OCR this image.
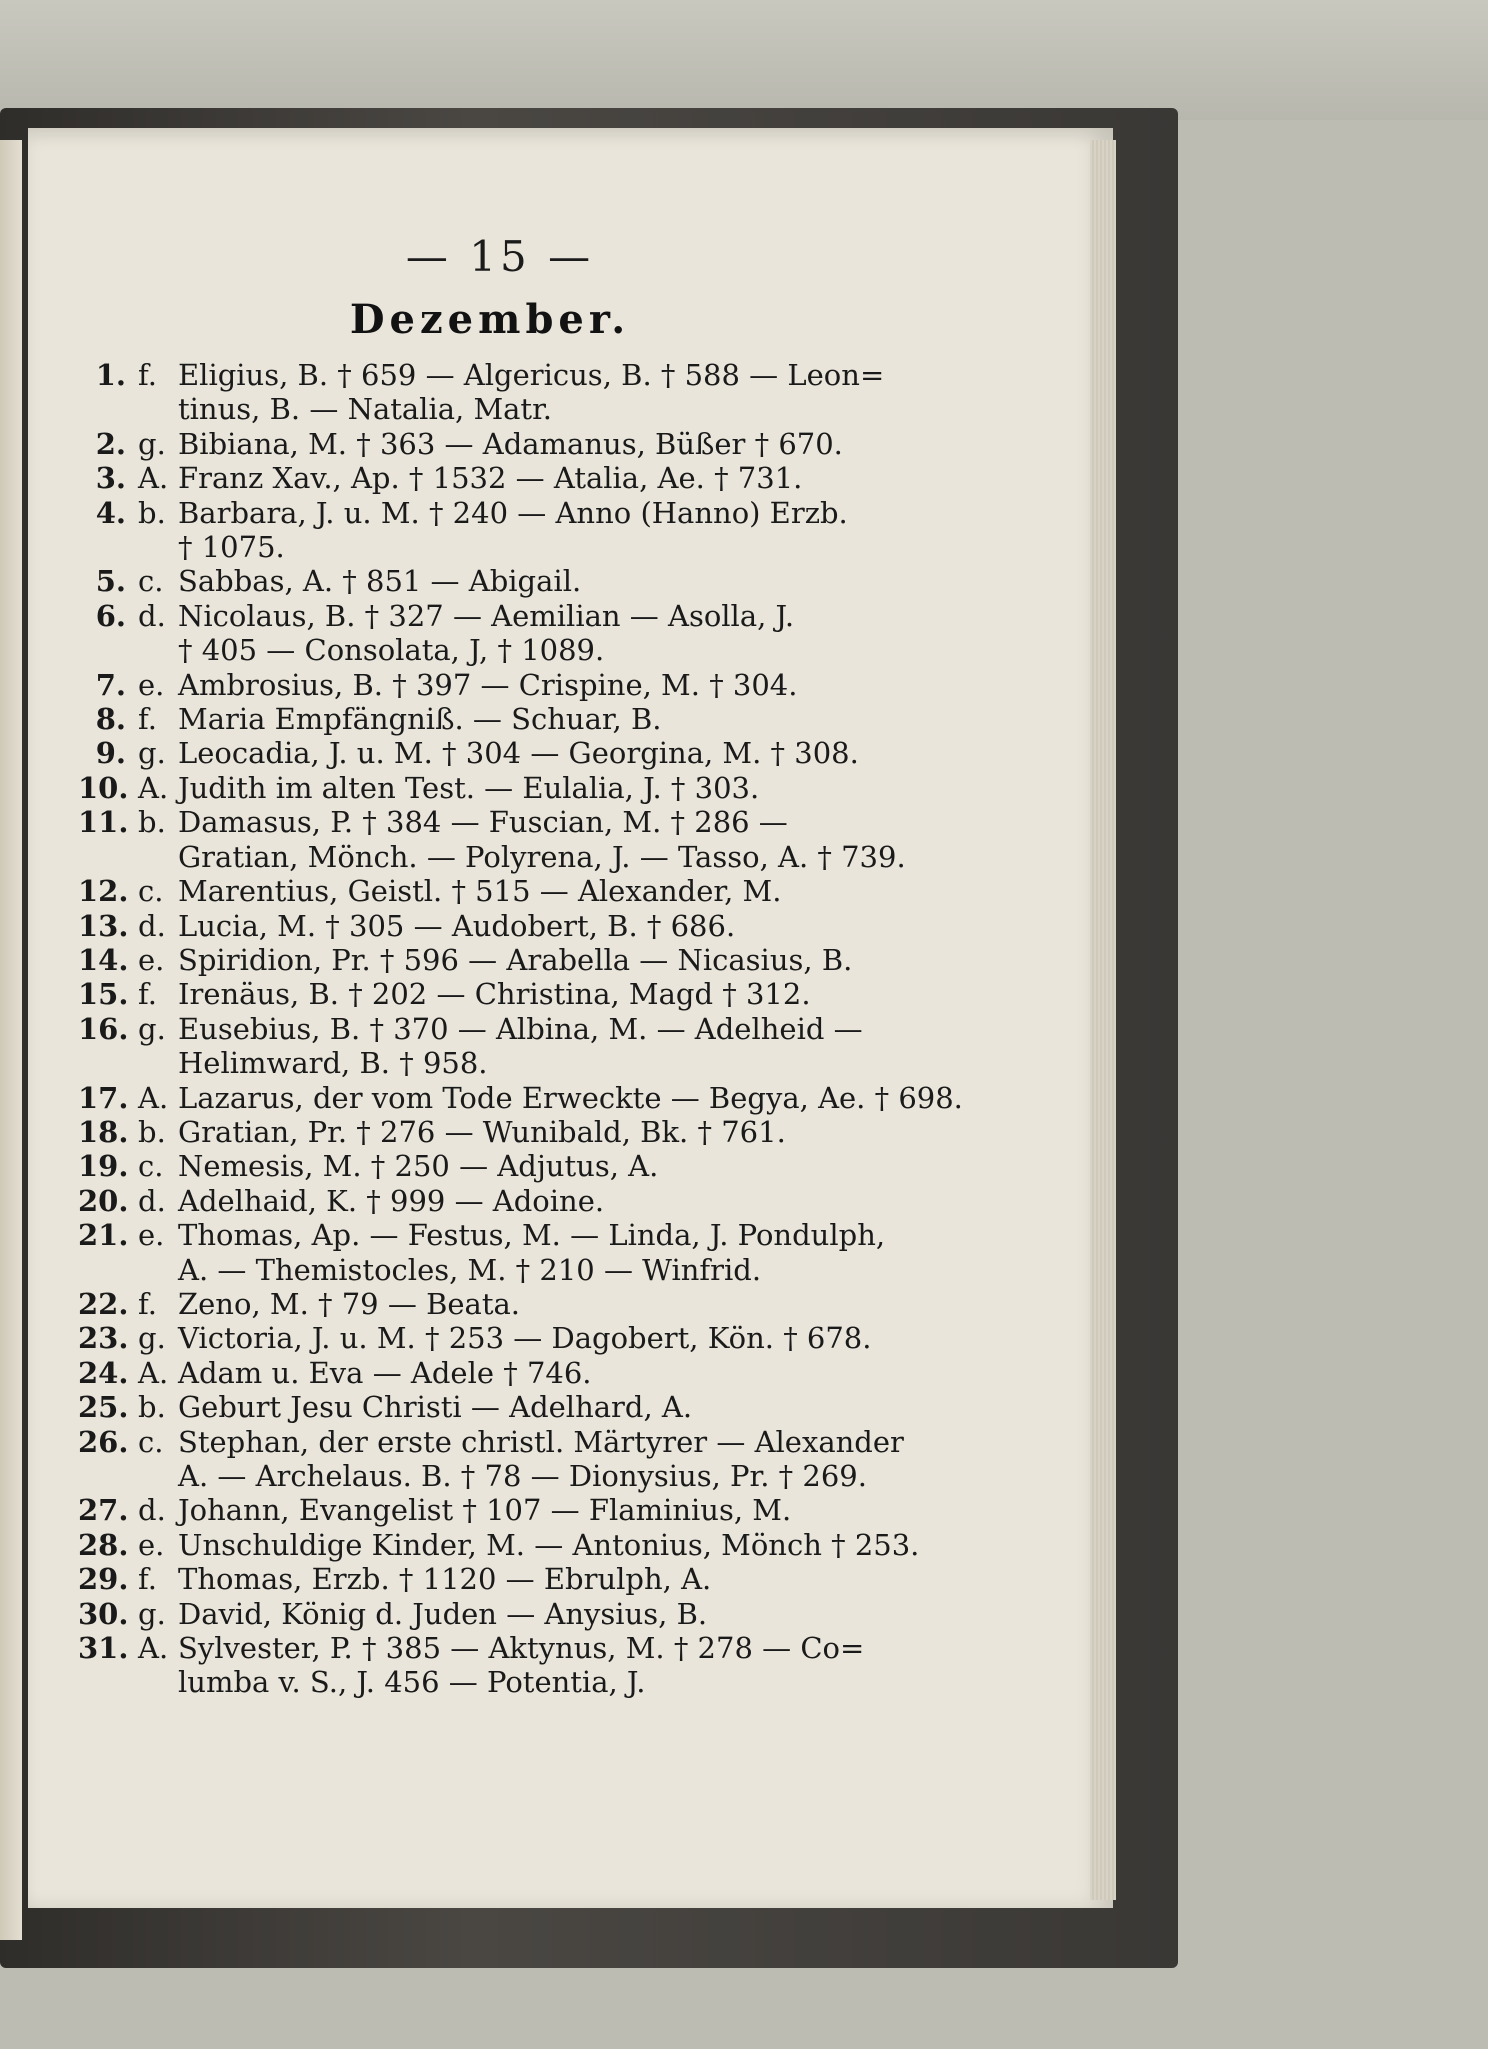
— 15 —
Dezember.
1. f. Eligius, B. † 659 — Algericus, B. † 588 — Leon=
tinus, B. — Natalia, Matr.
2. g. Bibiana, M. † 363 — Adamanus, Büßer † 670.
3. A. Franz Xav., Ap. † 1532 — Atalia, Ae. † 731.
4. b. Barbara, J. u. M. † 240 — Anno (Hanno) Erzb.
† 1075.
5. c. Sabbas, A. † 851 — Abigail.
6. d. Nicolaus, B. † 327 — Aemilian — Asolla, J.
† 405 — Consolata, J, † 1089.
7. e. Ambrosius, B. † 397 — Crispine, M. † 304.
8. f. Maria Empfängniß. — Schuar, B.
9. g. Leocadia, J. u. M. † 304 — Georgina, M. † 308.
10. A. Judith im alten Test. — Eulalia, J. † 303.
11. b. Damasus, P. † 384 — Fuscian, M. † 286 —
Gratian, Mönch. — Polyrena, J. — Tasso, A. † 739.
12. c. Marentius, Geistl. † 515 — Alexander, M.
13. d. Lucia, M. † 305 — Audobert, B. † 686.
14. e. Spiridion, Pr. † 596 — Arabella — Nicasius, B.
15. f. Irenäus, B. † 202 — Christina, Magd † 312.
16. g. Eusebius, B. † 370 — Albina, M. — Adelheid —
Helimward, B. † 958.
17. A. Lazarus, der vom Tode Erweckte — Begya, Ae. † 698.
18. b. Gratian, Pr. † 276 — Wunibald, Bk. † 761.
19. c. Nemesis, M. † 250 — Adjutus, A.
20. d. Adelhaid, K. † 999 — Adoine.
21. e. Thomas, Ap. — Festus, M. — Linda, J. Pondulph,
A. — Themistocles, M. † 210 — Winfrid.
22. f. Zeno, M. † 79 — Beata.
23. g. Victoria, J. u. M. † 253 — Dagobert, Kön. † 678.
24. A. Adam u. Eva — Adele † 746.
25. b. Geburt Jesu Christi — Adelhard, A.
26. c. Stephan, der erste christl. Märtyrer — Alexander
A. — Archelaus. B. † 78 — Dionysius, Pr. † 269.
27. d. Johann, Evangelist † 107 — Flaminius, M.
28. e. Unschuldige Kinder, M. — Antonius, Mönch † 253.
29. f. Thomas, Erzb. † 1120 — Ebrulph, A.
30. g. David, König d. Juden — Anysius, B.
31. A. Sylvester, P. † 385 — Aktynus, M. † 278 — Co=
lumba v. S., J. 456 — Potentia, J.
